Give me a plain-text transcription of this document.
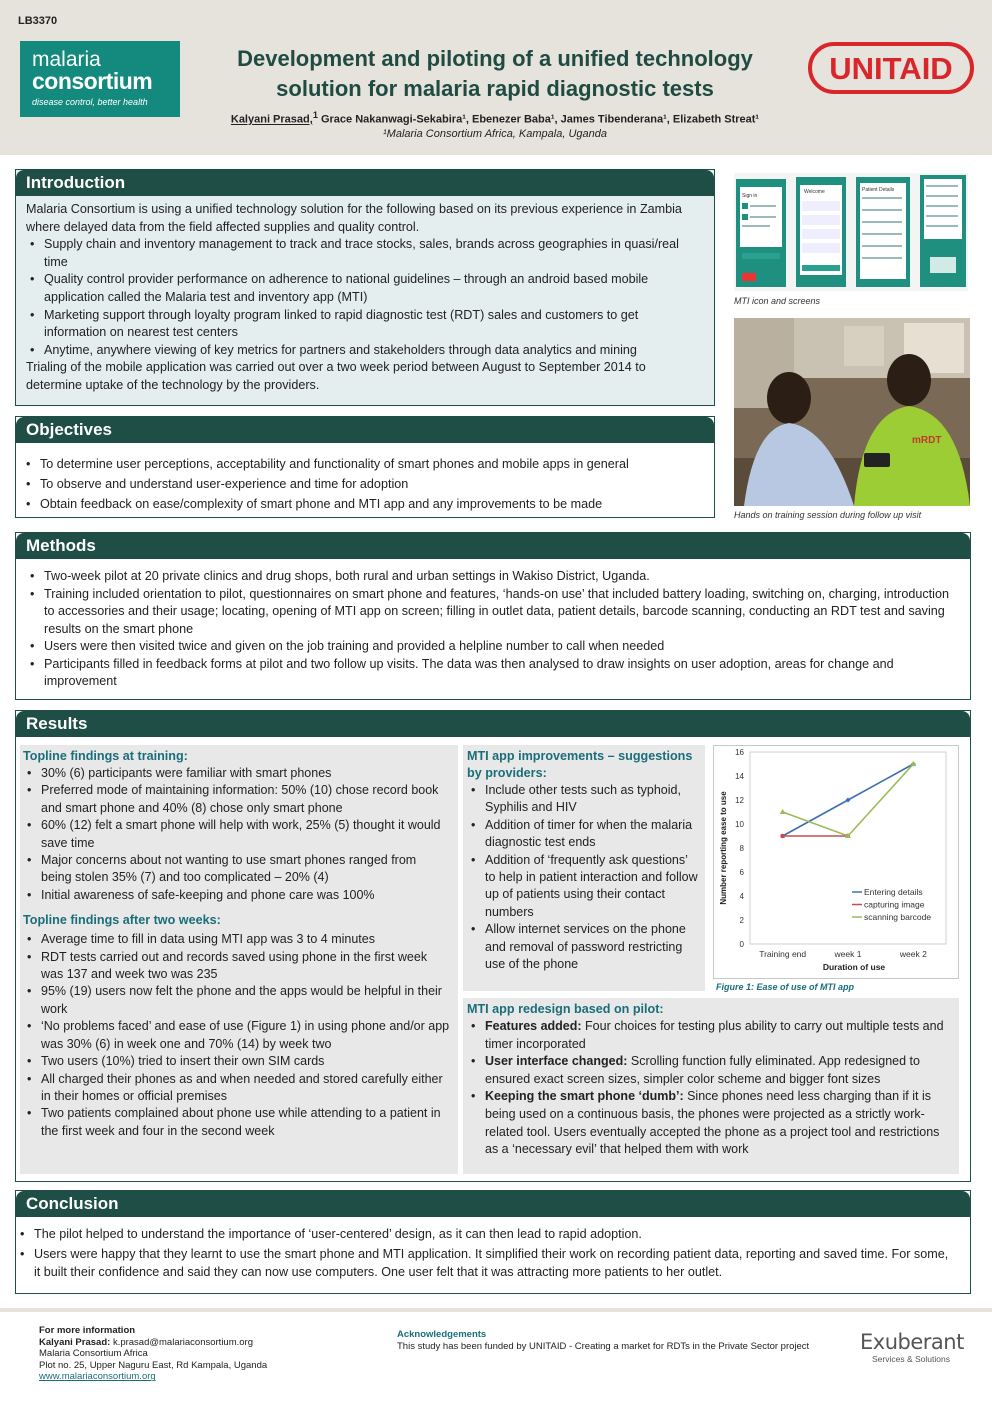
LB3370
malaria
consortium
disease control, better health
Development and piloting of a unified technology
solution for malaria rapid diagnostic tests
Kalyani Prasad,$^1$ Grace Nakanwagi-Sekabira¹, Ebenezer Baba¹, James Tibenderana¹, Elizabeth Streat¹
¹Malaria Consortium Africa, Kampala, Uganda
UNITAID
Introduction
Malaria Consortium is using a unified technology solution for the following based on its previous experience in Zambia where delayed data from the field affected supplies and quality control.
• Supply chain and inventory management to track and trace stocks, sales, brands across geographies in quasi/real time
• Quality control provider performance on adherence to national guidelines – through an android based mobile application called the Malaria test and inventory app (MTI)
• Marketing support through loyalty program linked to rapid diagnostic test (RDT) sales and customers to get information on nearest test centers
• Anytime, anywhere viewing of key metrics for partners and stakeholders through data analytics and mining
Trialing of the mobile application was carried out over a two week period between August to September 2014 to determine uptake of the technology by the providers.
Sign in
Welcome	Patient Details
MTI icon and screens
mRDT
Hands on training session during follow up visit
Objectives
• To determine user perceptions, acceptability and functionality of smart phones and mobile apps in general
• To observe and understand user-experience and time for adoption
• Obtain feedback on ease/complexity of smart phone and MTI app and any improvements to be made
Methods
• Two-week pilot at 20 private clinics and drug shops, both rural and urban settings in Wakiso District, Uganda.
• Training included orientation to pilot, questionnaires on smart phone and features, ‘hands-on use’ that included battery loading, switching on, charging, introduction to accessories and their usage; locating, opening of MTI app on screen; filling in outlet data, patient details, barcode scanning, conducting an RDT test and saving results on the smart phone
• Users were then visited twice and given on the job training and provided a helpline number to call when needed
• Participants filled in feedback forms at pilot and two follow up visits. The data was then analysed to draw insights on user adoption, areas for change and improvement
Results
Topline findings at training:
• 30% (6) participants were familiar with smart phones
• Preferred mode of maintaining information: 50% (10) chose record book and smart phone and 40% (8) chose only smart phone
• 60% (12) felt a smart phone will help with work, 25% (5) thought it would save time
• Major concerns about not wanting to use smart phones ranged from being stolen 35% (7) and too complicated – 20% (4)
• Initial awareness of safe-keeping and phone care was 100%
Topline findings after two weeks:
• Average time to fill in data using MTI app was 3 to 4 minutes
• RDT tests carried out and records saved using phone in the first week was 137 and week two was 235
• 95% (19) users now felt the phone and the apps would be helpful in their work
• ‘No problems faced’ and ease of use (Figure 1) in using phone and/or app was 30% (6) in week one and 70% (14) by week two
• Two users (10%) tried to insert their own SIM cards
• All charged their phones as and when needed and stored carefully either in their homes or official premises
• Two patients complained about phone use while attending to a patient in the first week and four in the second week
MTI app improvements – suggestions by providers:
• Include other tests such as typhoid, Syphilis and HIV
• Addition of timer for when the malaria diagnostic test ends
• Addition of ‘frequently ask questions’ to help in patient interaction and follow up of patients using their contact numbers
• Allow internet services on the phone and removal of password restricting use of the phone
0
2
4
6
8
10
12
14
16
Training end	week 1	week 2
Duration of use
Number reporting ease to use	Entering details
capturing image
scanning barcode
Figure 1: Ease of use of MTI app
MTI app redesign based on pilot:
• Features added: Four choices for testing plus ability to carry out multiple tests and timer incorporated
• User interface changed: Scrolling function fully eliminated. App redesigned to ensured exact screen sizes, simpler color scheme and bigger font sizes
• Keeping the smart phone ‘dumb’: Since phones need less charging than if it is being used on a continuous basis, the phones were projected as a strictly work-related tool. Users eventually accepted the phone as a project tool and restrictions as a ‘necessary evil’ that helped them with work
Conclusion
• The pilot helped to understand the importance of ‘user-centered’ design, as it can then lead to rapid adoption.
• Users were happy that they learnt to use the smart phone and MTI application. It simplified their work on recording patient data, reporting and saved time. For some, it built their confidence and said they can now use computers. One user felt that it was attracting more patients to her outlet.
For more information
Kalyani Prasad: k.prasad@malariaconsortium.org
Malaria Consortium Africa
Plot no. 25, Upper Naguru East, Rd Kampala, Uganda
www.malariaconsortium.org
Acknowledgements
This study has been funded by UNITAID - Creating a market for RDTs in the Private Sector project Exuberant
Services & Solutions
